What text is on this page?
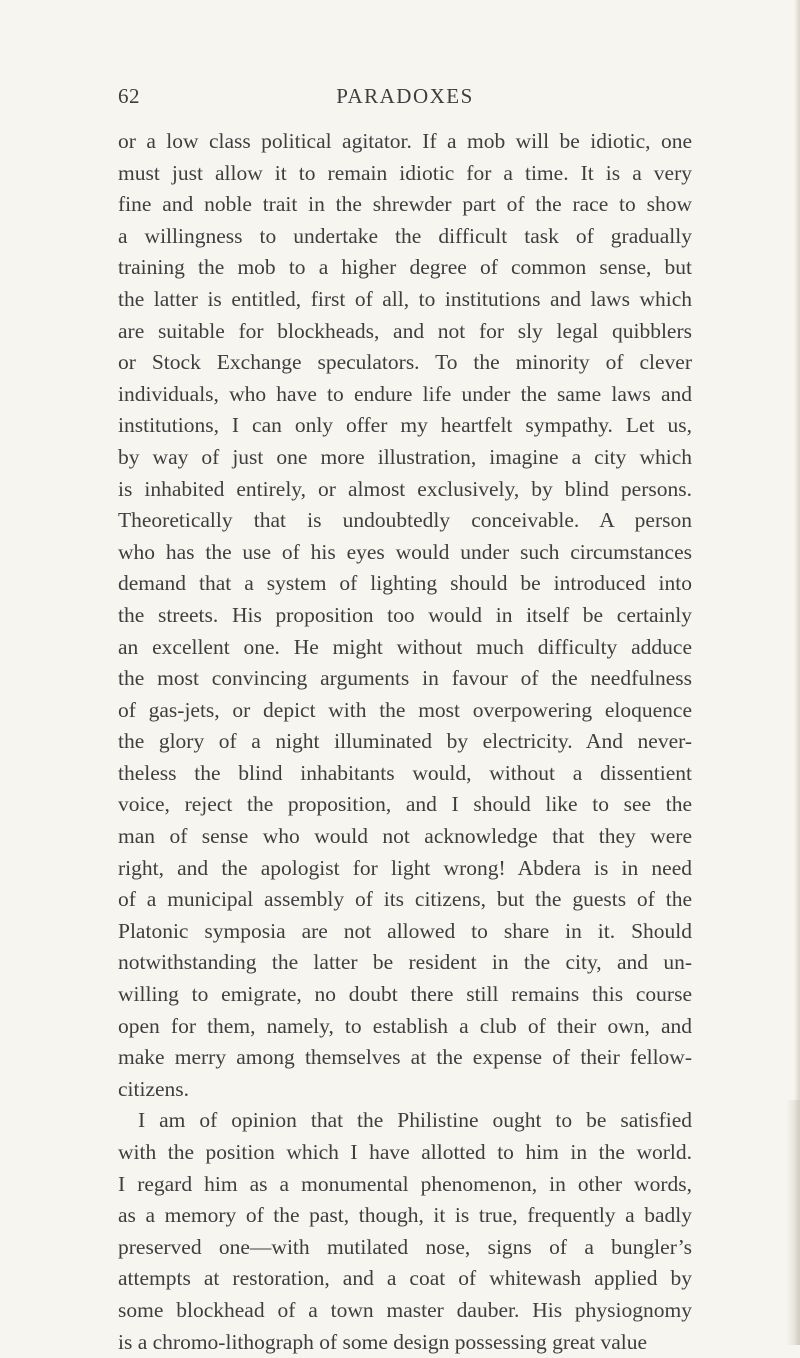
62	PARADOXES
or a low class political agitator. If a mob will be idiotic, one
must just allow it to remain idiotic for a time. It is a very
fine and noble trait in the shrewder part of the race to show
a willingness to undertake the difficult task of gradually
training the mob to a higher degree of common sense, but
the latter is entitled, first of all, to institutions and laws which
are suitable for blockheads, and not for sly legal quibblers
or Stock Exchange speculators. To the minority of clever
individuals, who have to endure life under the same laws and
institutions, I can only offer my heartfelt sympathy. Let us,
by way of just one more illustration, imagine a city which
is inhabited entirely, or almost exclusively, by blind persons.
Theoretically that is undoubtedly conceivable. A person
who has the use of his eyes would under such circumstances
demand that a system of lighting should be introduced into
the streets. His proposition too would in itself be certainly
an excellent one. He might without much difficulty adduce
the most convincing arguments in favour of the needfulness
of gas-jets, or depict with the most overpowering eloquence
the glory of a night illuminated by electricity. And never-
theless the blind inhabitants would, without a dissentient
voice, reject the proposition, and I should like to see the
man of sense who would not acknowledge that they were
right, and the apologist for light wrong! Abdera is in need
of a municipal assembly of its citizens, but the guests of the
Platonic symposia are not allowed to share in it. Should
notwithstanding the latter be resident in the city, and un-
willing to emigrate, no doubt there still remains this course
open for them, namely, to establish a club of their own, and
make merry among themselves at the expense of their fellow-
citizens.
I am of opinion that the Philistine ought to be satisfied
with the position which I have allotted to him in the world.
I regard him as a monumental phenomenon, in other words,
as a memory of the past, though, it is true, frequently a badly
preserved one—with mutilated nose, signs of a bungler’s
attempts at restoration, and a coat of whitewash applied by
some blockhead of a town master dauber. His physiognomy
is a chromo-lithograph of some design possessing great value
